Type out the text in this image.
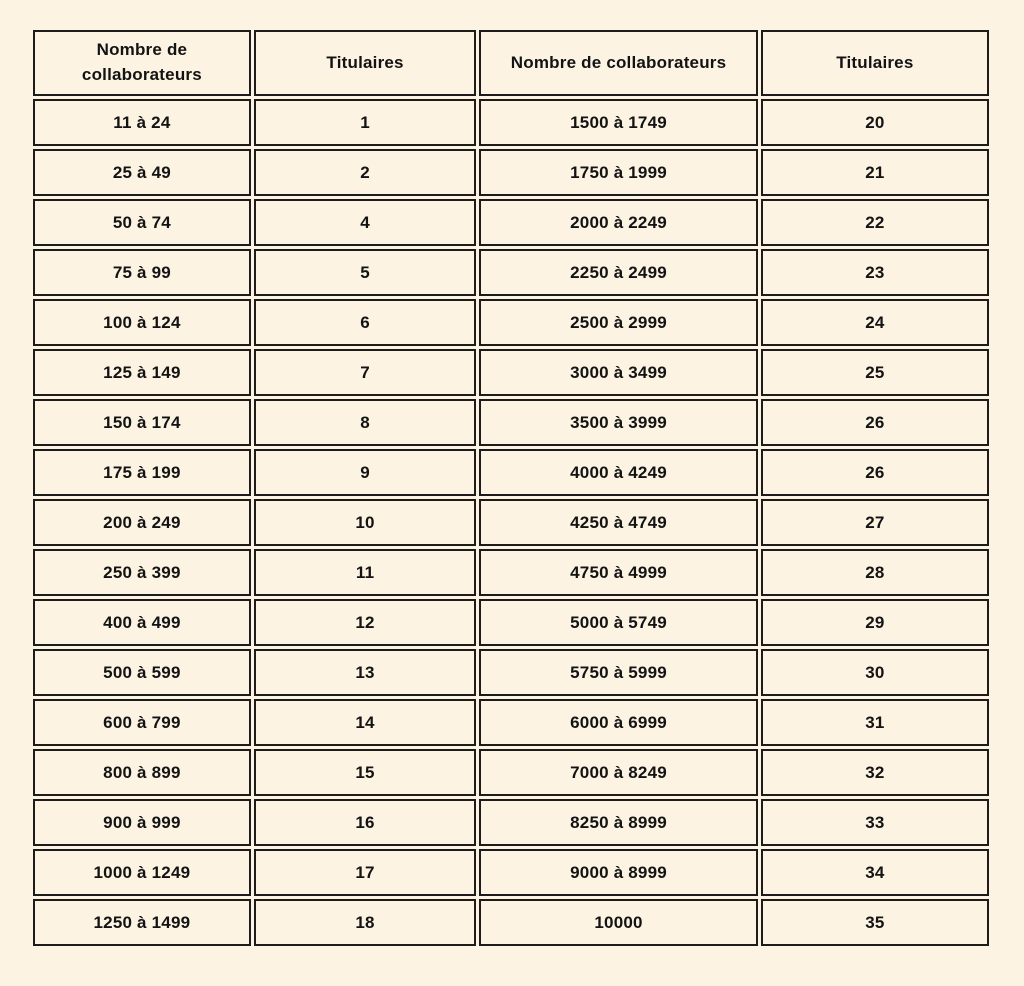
Nombre de collaborateurs	Titulaires	Nombre de collaborateurs	Titulaires
11 à 24	1	1500 à 1749	20
25 à 49	2	1750 à 1999	21
50 à 74	4	2000 à 2249	22
75 à 99	5	2250 à 2499	23
100 à 124	6	2500 à 2999	24
125 à 149	7	3000 à 3499	25
150 à 174	8	3500 à 3999	26
175 à 199	9	4000 à 4249	26
200 à 249	10	4250 à 4749	27
250 à 399	11	4750 à 4999	28
400 à 499	12	5000 à 5749	29
500 à 599	13	5750 à 5999	30
600 à 799	14	6000 à 6999	31
800 à 899	15	7000 à 8249	32
900 à 999	16	8250 à 8999	33
1000 à 1249	17	9000 à 8999	34
1250 à 1499	18	10000	35
